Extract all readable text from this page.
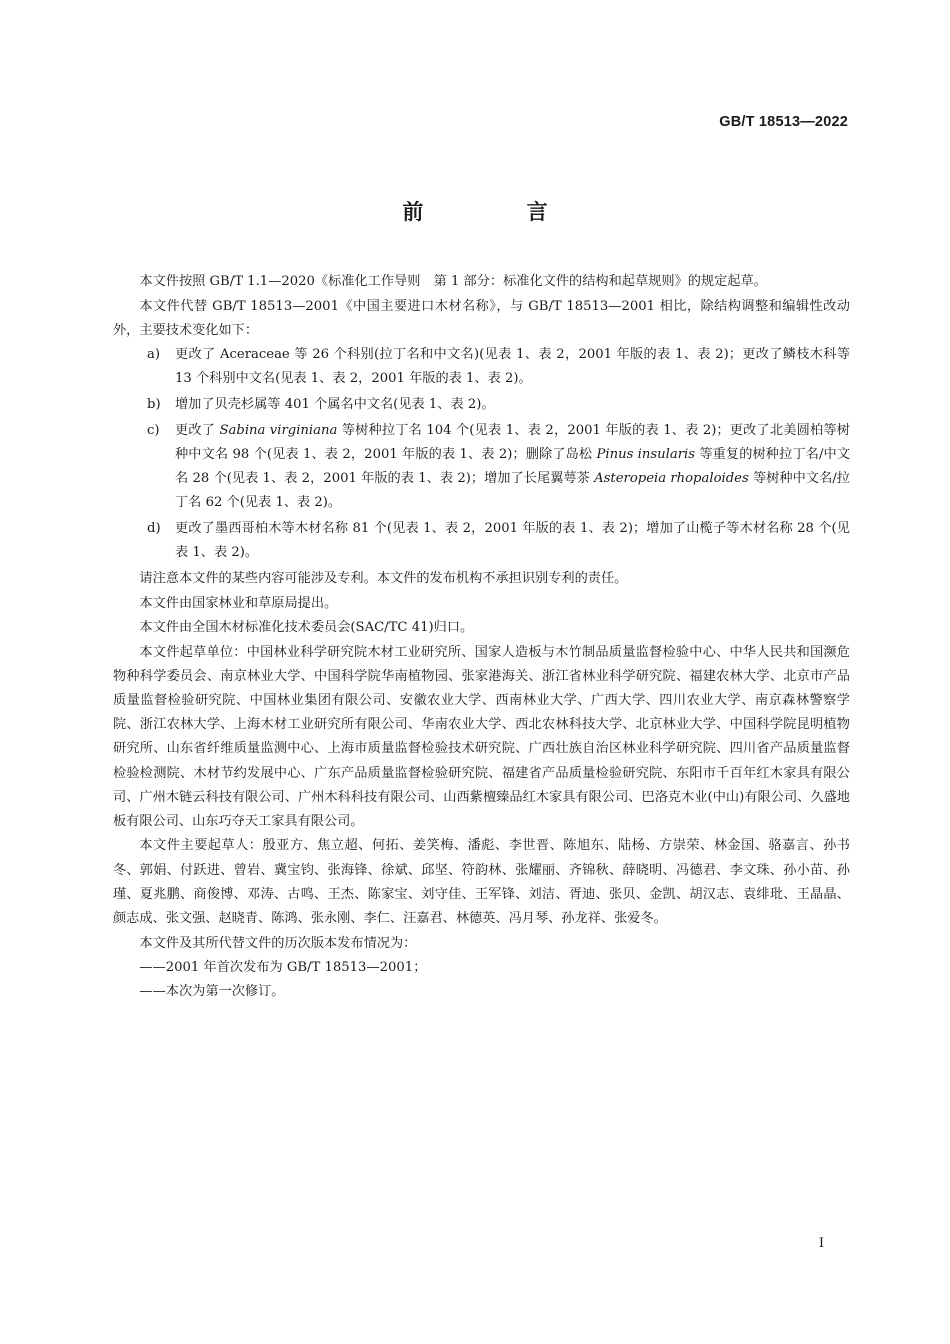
GB/T 18513—2022
前 言

本文件按照 GB/T 1.1—2020《标准化工作导则　第 1 部分：标准化文件的结构和起草规则》的规定起草。

本文件代替 GB/T 18513—2001《中国主要进口木材名称》，与 GB/T 18513—2001 相比，除结构调整和编辑性改动外，主要技术变化如下：

a)	更改了 Aceraceae 等 26 个科别(拉丁名和中文名)(见表 1、表 2，2001 年版的表 1、表 2)；更改了鳞枝木科等 13 个科别中文名(见表 1、表 2，2001 年版的表 1、表 2)。
b)	增加了贝壳杉属等 401 个属名中文名(见表 1、表 2)。
c)	更改了 Sabina virginiana 等树种拉丁名 104 个(见表 1、表 2，2001 年版的表 1、表 2)；更改了北美圆柏等树种中文名 98 个(见表 1、表 2，2001 年版的表 1、表 2)；删除了岛松 Pinus insularis 等重复的树种拉丁名/中文名 28 个(见表 1、表 2，2001 年版的表 1、表 2)；增加了长尾翼萼茶 Asteropeia rhopaloides 等树种中文名/拉丁名 62 个(见表 1、表 2)。
d)	更改了墨西哥柏木等木材名称 81 个(见表 1、表 2，2001 年版的表 1、表 2)；增加了山榄子等木材名称 28 个(见表 1、表 2)。

请注意本文件的某些内容可能涉及专利。本文件的发布机构不承担识别专利的责任。

本文件由国家林业和草原局提出。

本文件由全国木材标准化技术委员会(SAC/TC 41)归口。

本文件起草单位：中国林业科学研究院木材工业研究所、国家人造板与木竹制品质量监督检验中心、中华人民共和国濒危物种科学委员会、南京林业大学、中国科学院华南植物园、张家港海关、浙江省林业科学研究院、福建农林大学、北京市产品质量监督检验研究院、中国林业集团有限公司、安徽农业大学、西南林业大学、广西大学、四川农业大学、南京森林警察学院、浙江农林大学、上海木材工业研究所有限公司、华南农业大学、西北农林科技大学、北京林业大学、中国科学院昆明植物研究所、山东省纤维质量监测中心、上海市质量监督检验技术研究院、广西壮族自治区林业科学研究院、四川省产品质量监督检验检测院、木材节约发展中心、广东产品质量监督检验研究院、福建省产品质量检验研究院、东阳市千百年红木家具有限公司、广州木链云科技有限公司、广州木科科技有限公司、山西紫檀臻品红木家具有限公司、巴洛克木业(中山)有限公司、久盛地板有限公司、山东巧夺天工家具有限公司。

本文件主要起草人：殷亚方、焦立超、何拓、姜笑梅、潘彪、李世晋、陈旭东、陆杨、方崇荣、林金国、骆嘉言、孙书冬、郭娟、付跃进、曾岩、冀宝钧、张海锋、徐斌、邱坚、符韵林、张耀丽、齐锦秋、薛晓明、冯德君、李文珠、孙小苗、孙瑾、夏兆鹏、商俊博、邓涛、古鸣、王杰、陈家宝、刘守佳、王军锋、刘洁、胥迪、张贝、金凯、胡汉志、袁绯玭、王晶晶、颜志成、张文强、赵晓青、陈鸿、张永刚、李仁、汪嘉君、林德英、冯月琴、孙龙祥、张爱冬。

本文件及其所代替文件的历次版本发布情况为：

——2001 年首次发布为 GB/T 18513—2001；

——本次为第一次修订。

I
